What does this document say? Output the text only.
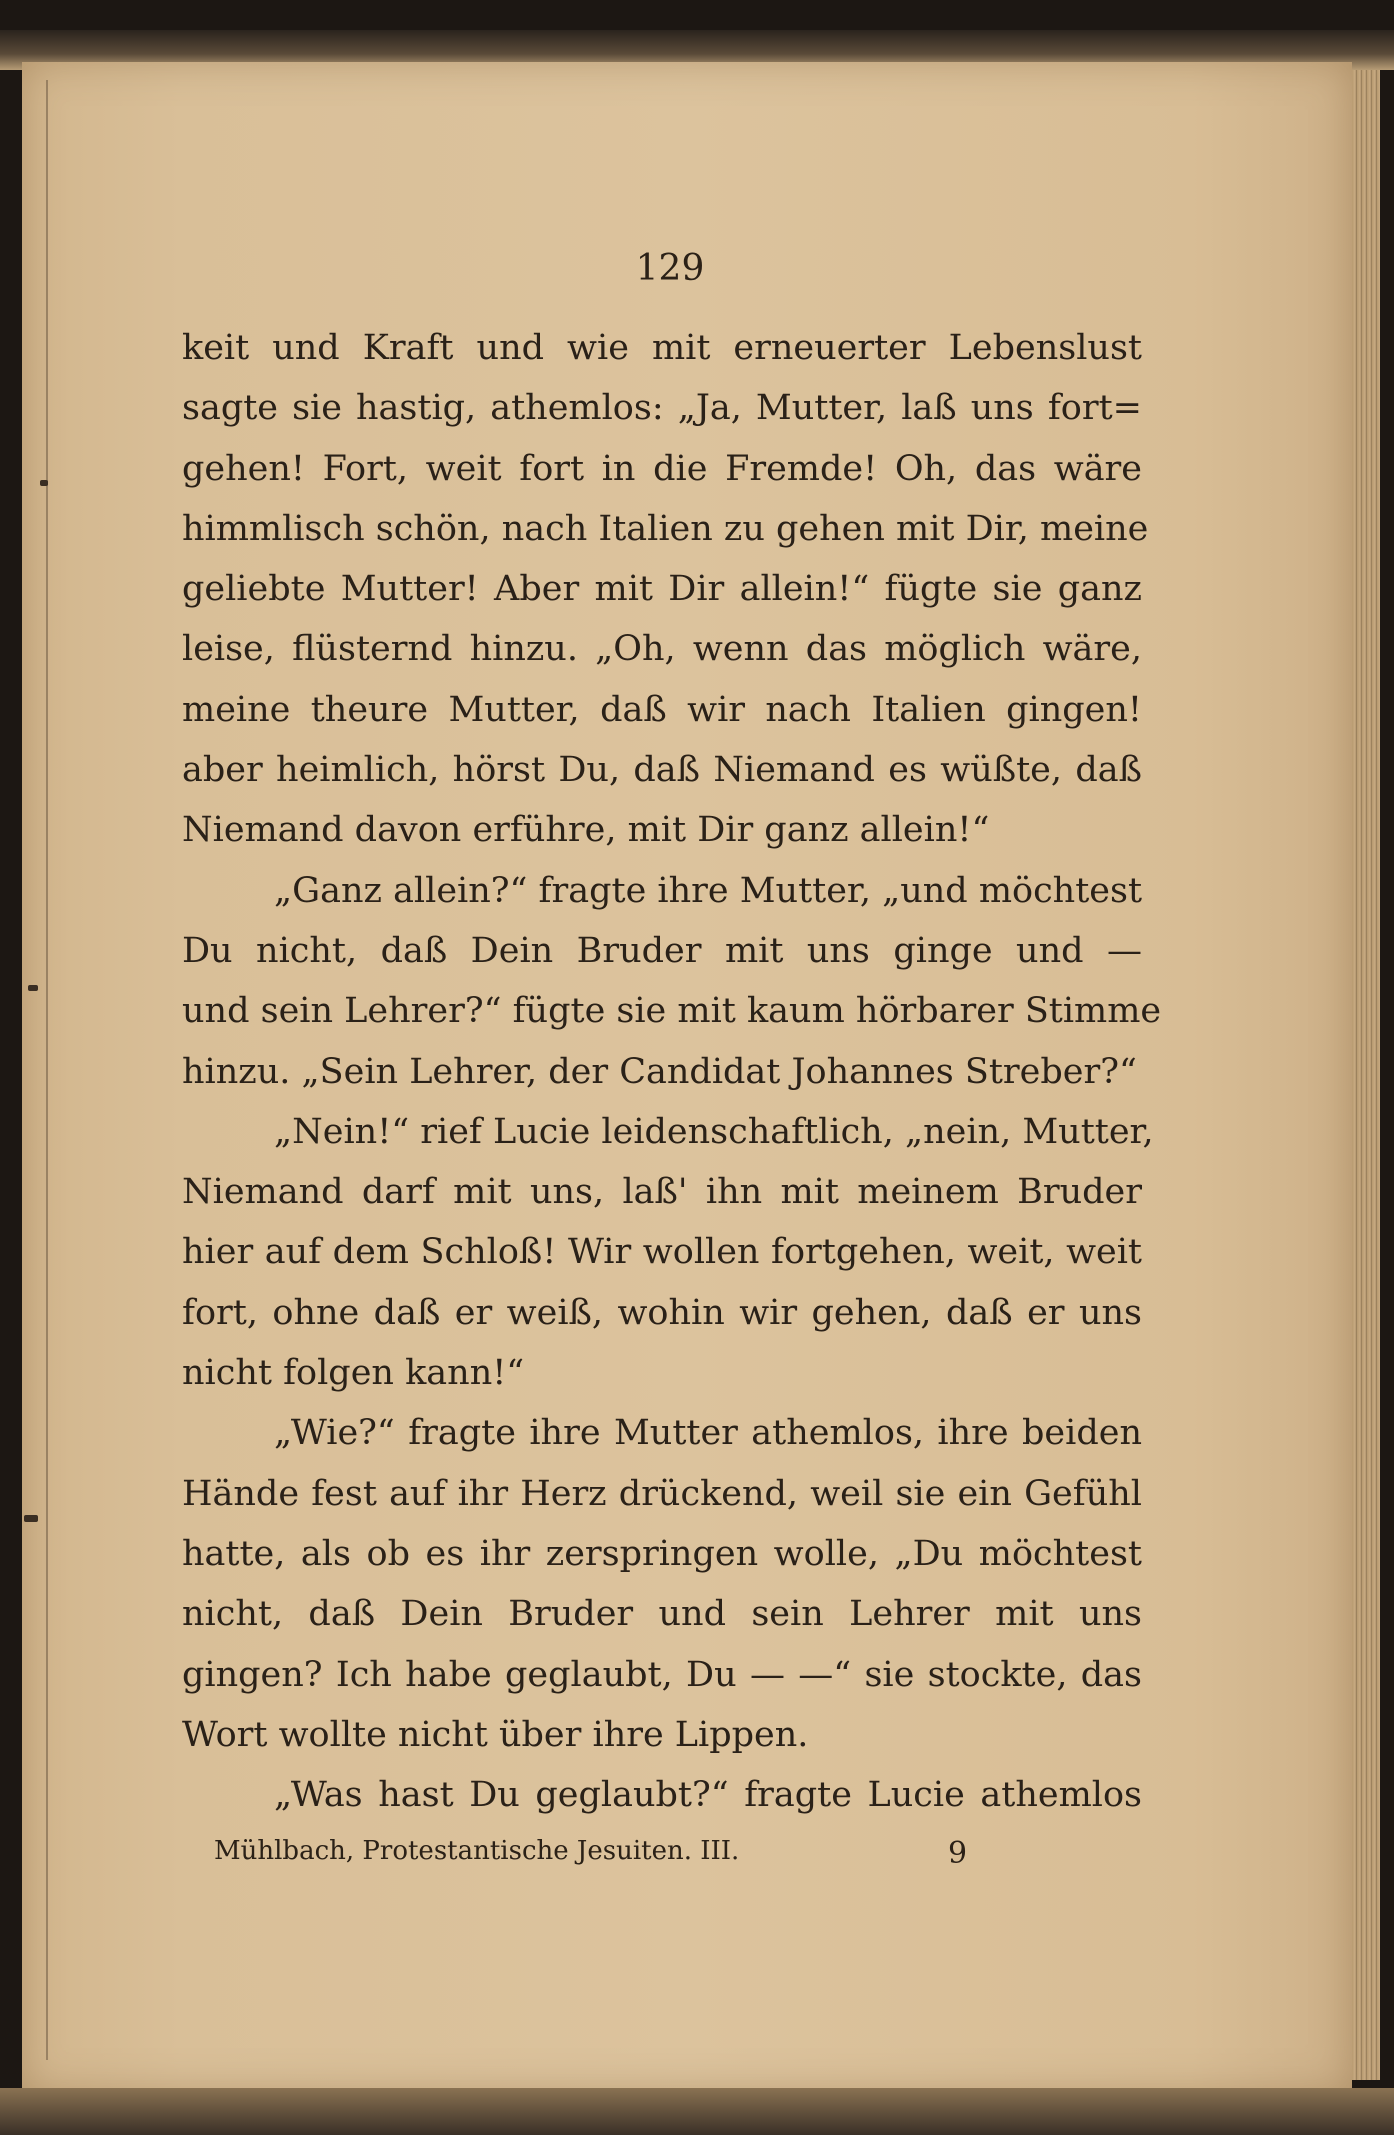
129
keit und Kraft und wie mit erneuerter Lebenslust
sagte sie hastig, athemlos: „Ja, Mutter, laß uns fort=
gehen! Fort, weit fort in die Fremde! Oh, das wäre
himmlisch schön, nach Italien zu gehen mit Dir, meine
geliebte Mutter! Aber mit Dir allein!“ fügte sie ganz
leise, flüsternd hinzu. „Oh, wenn das möglich wäre,
meine theure Mutter, daß wir nach Italien gingen!
aber heimlich, hörst Du, daß Niemand es wüßte, daß
Niemand davon erführe, mit Dir ganz allein!“
„Ganz allein?“ fragte ihre Mutter, „und möchtest
Du nicht, daß Dein Bruder mit uns ginge und —
und sein Lehrer?“ fügte sie mit kaum hörbarer Stimme
hinzu. „Sein Lehrer, der Candidat Johannes Streber?“
„Nein!“ rief Lucie leidenschaftlich, „nein, Mutter,
Niemand darf mit uns, laß' ihn mit meinem Bruder
hier auf dem Schloß! Wir wollen fortgehen, weit, weit
fort, ohne daß er weiß, wohin wir gehen, daß er uns
nicht folgen kann!“
„Wie?“ fragte ihre Mutter athemlos, ihre beiden
Hände fest auf ihr Herz drückend, weil sie ein Gefühl
hatte, als ob es ihr zerspringen wolle, „Du möchtest
nicht, daß Dein Bruder und sein Lehrer mit uns
gingen? Ich habe geglaubt, Du — —“ sie stockte, das
Wort wollte nicht über ihre Lippen.
„Was hast Du geglaubt?“ fragte Lucie athemlos
Mühlbach, Protestantische Jesuiten. III.	9
